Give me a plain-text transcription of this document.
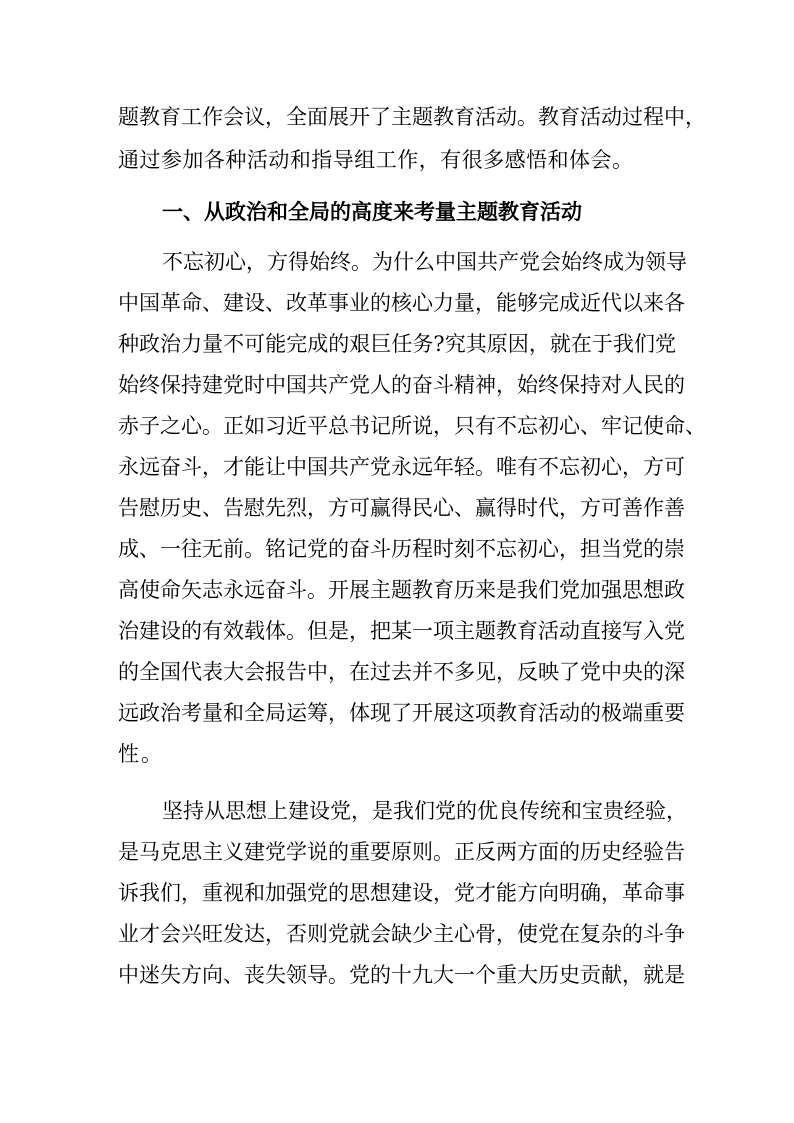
题教育工作会议，全面展开了主题教育活动。教育活动过程中，
通过参加各种活动和指导组工作，有很多感悟和体会。
一、从政治和全局的高度来考量主题教育活动
不忘初心，方得始终。为什么中国共产党会始终成为领导
中国革命、建设、改革事业的核心力量，能够完成近代以来各
种政治力量不可能完成的艰巨任务?究其原因，就在于我们党
始终保持建党时中国共产党人的奋斗精神，始终保持对人民的
赤子之心。正如习近平总书记所说，只有不忘初心、牢记使命、
永远奋斗，才能让中国共产党永远年轻。唯有不忘初心，方可
告慰历史、告慰先烈，方可赢得民心、赢得时代，方可善作善
成、一往无前。铭记党的奋斗历程时刻不忘初心，担当党的崇
高使命矢志永远奋斗。开展主题教育历来是我们党加强思想政
治建设的有效载体。但是，把某一项主题教育活动直接写入党
的全国代表大会报告中，在过去并不多见，反映了党中央的深
远政治考量和全局运筹，体现了开展这项教育活动的极端重要
性。
坚持从思想上建设党，是我们党的优良传统和宝贵经验，
是马克思主义建党学说的重要原则。正反两方面的历史经验告
诉我们，重视和加强党的思想建设，党才能方向明确，革命事
业才会兴旺发达，否则党就会缺少主心骨，使党在复杂的斗争
中迷失方向、丧失领导。党的十九大一个重大历史贡献，就是
